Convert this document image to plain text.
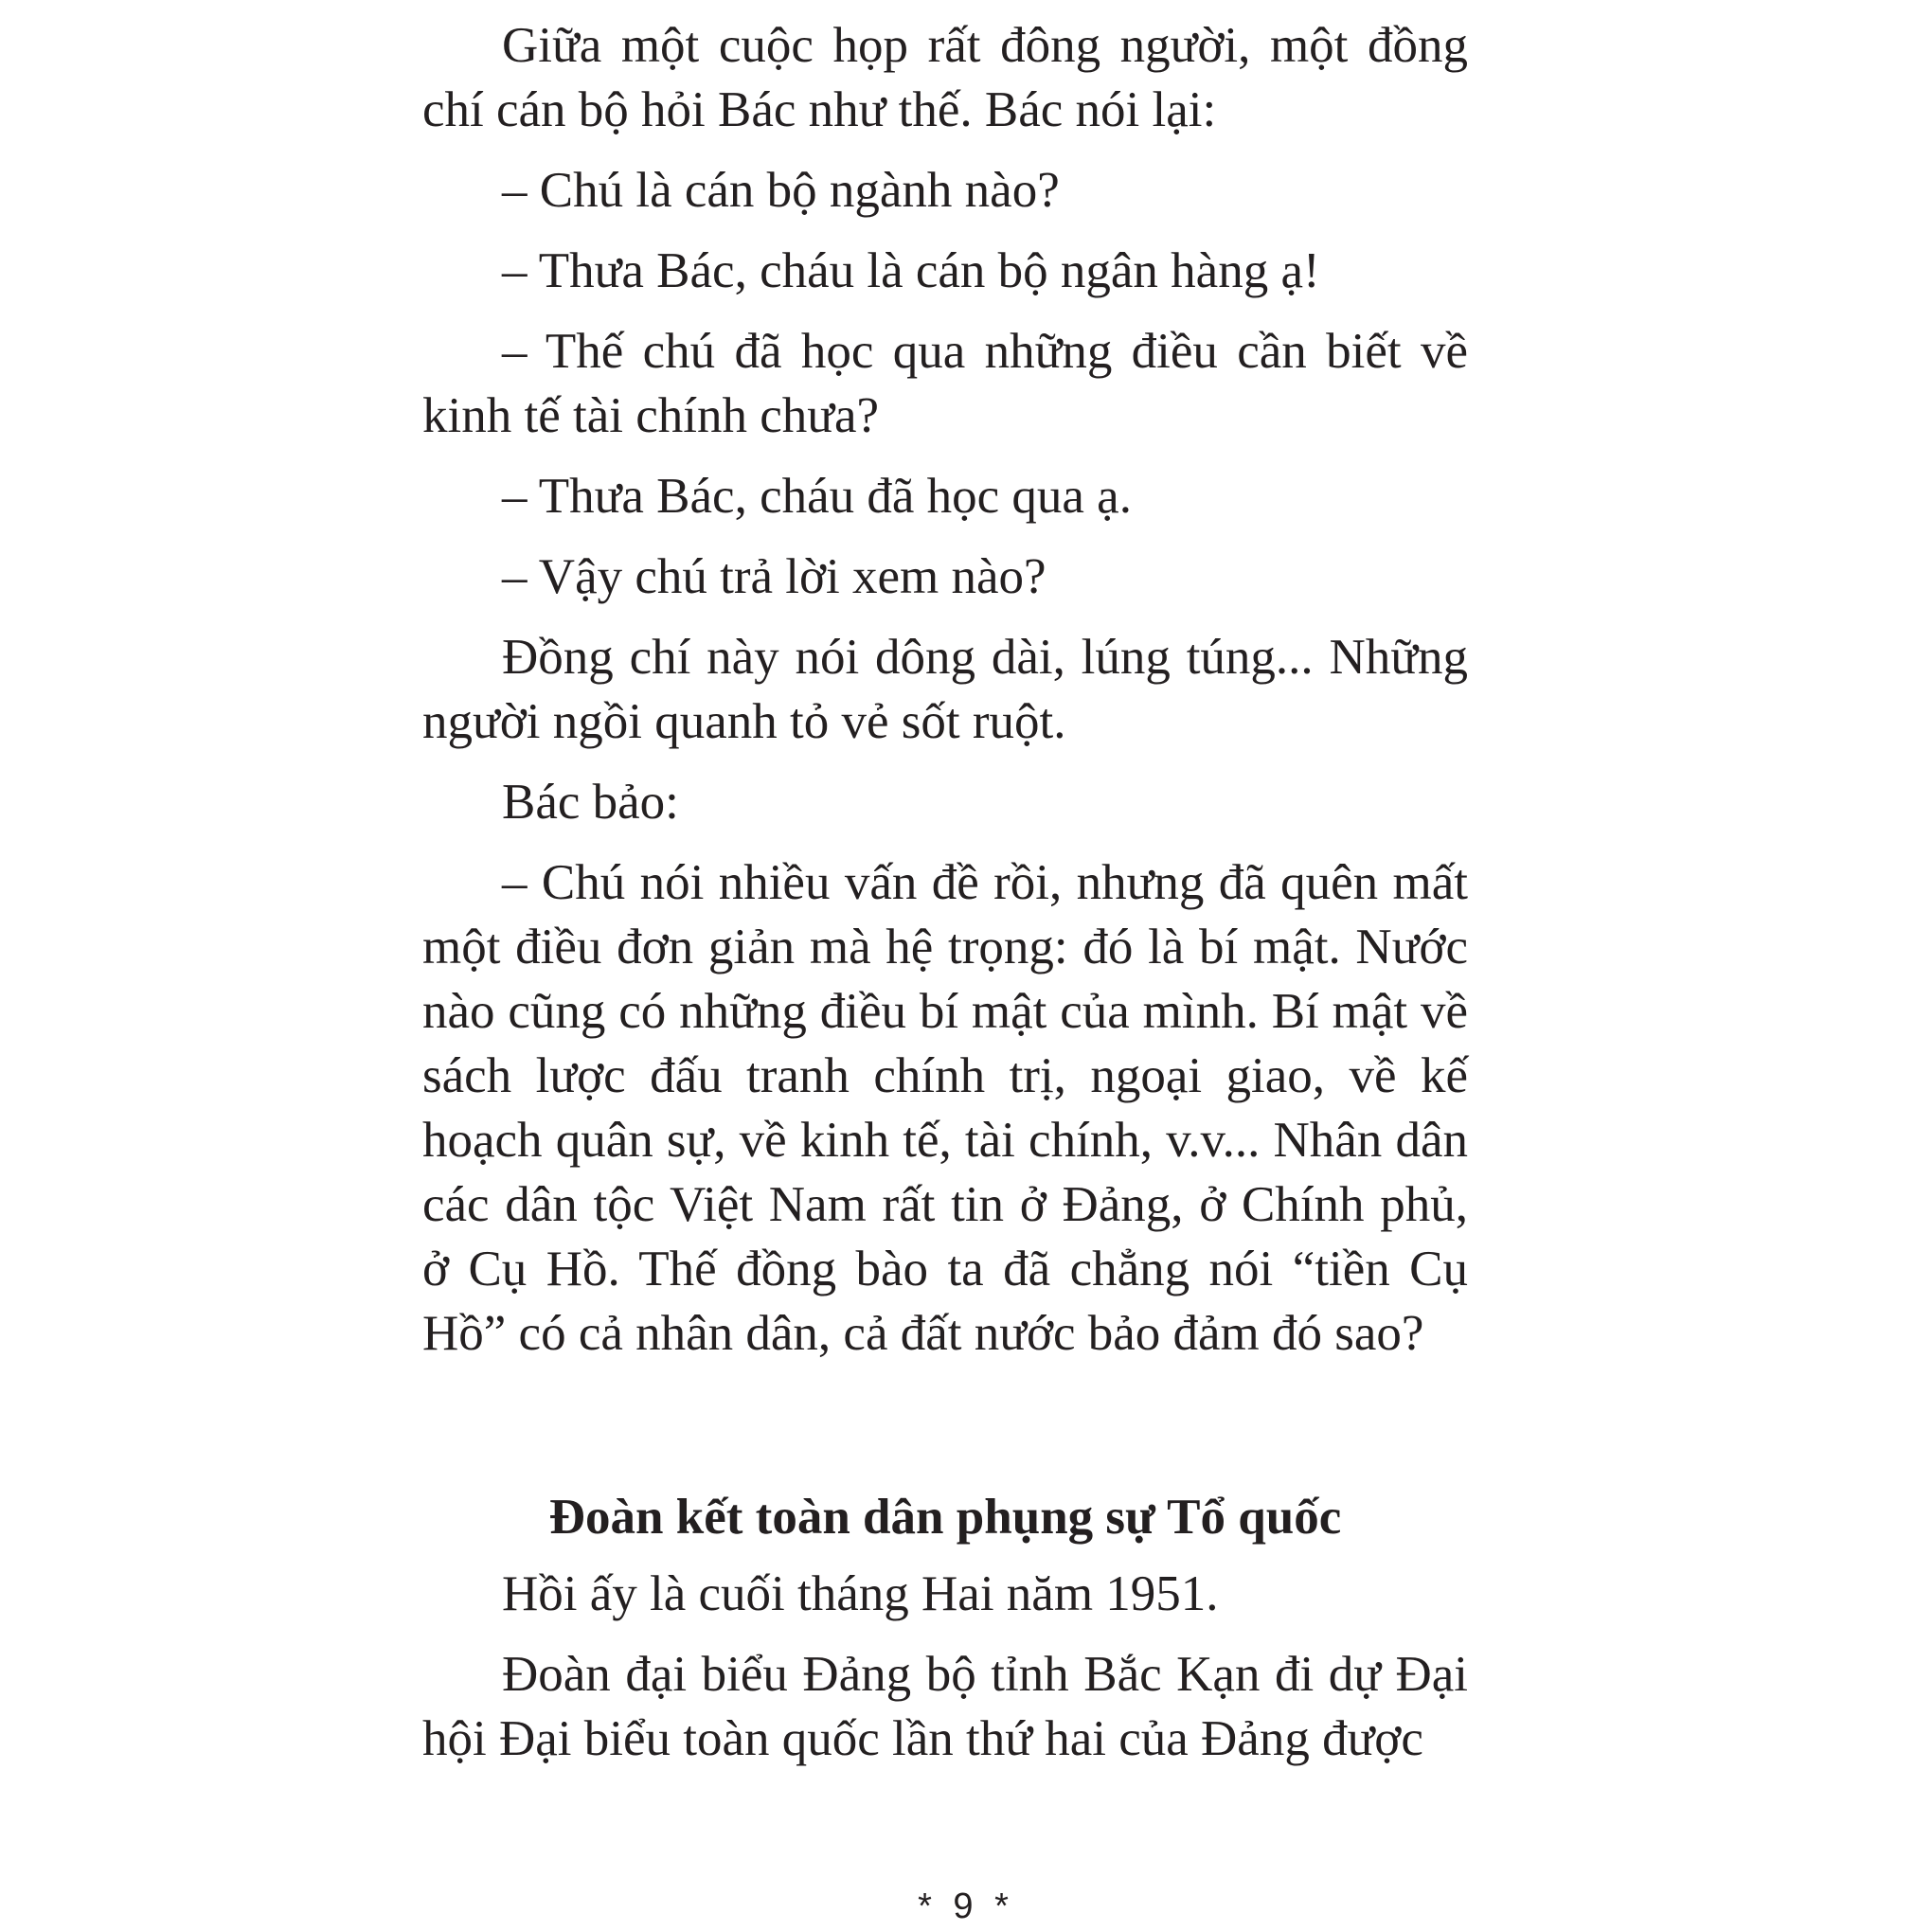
Giữa một cuộc họp rất đông người, một đồng chí cán bộ hỏi Bác như thế. Bác nói lại:

– Chú là cán bộ ngành nào?

– Thưa Bác, cháu là cán bộ ngân hàng ạ!

– Thế chú đã học qua những điều cần biết về kinh tế tài chính chưa?

– Thưa Bác, cháu đã học qua ạ.

– Vậy chú trả lời xem nào?

Đồng chí này nói dông dài, lúng túng... Những người ngồi quanh tỏ vẻ sốt ruột.

Bác bảo:

– Chú nói nhiều vấn đề rồi, nhưng đã quên mất một điều đơn giản mà hệ trọng: đó là bí mật. Nước nào cũng có những điều bí mật của mình. Bí mật về sách lược đấu tranh chính trị, ngoại giao, về kế hoạch quân sự, về kinh tế, tài chính, v.v... Nhân dân các dân tộc Việt Nam rất tin ở Đảng, ở Chính phủ, ở Cụ Hồ. Thế đồng bào ta đã chẳng nói “tiền Cụ Hồ” có cả nhân dân, cả đất nước bảo đảm đó sao?

Đoàn kết toàn dân phụng sự Tổ quốc

Hồi ấy là cuối tháng Hai năm 1951.

Đoàn đại biểu Đảng bộ tỉnh Bắc Kạn đi dự Đại hội Đại biểu toàn quốc lần thứ hai của Đảng được

* 9 *
